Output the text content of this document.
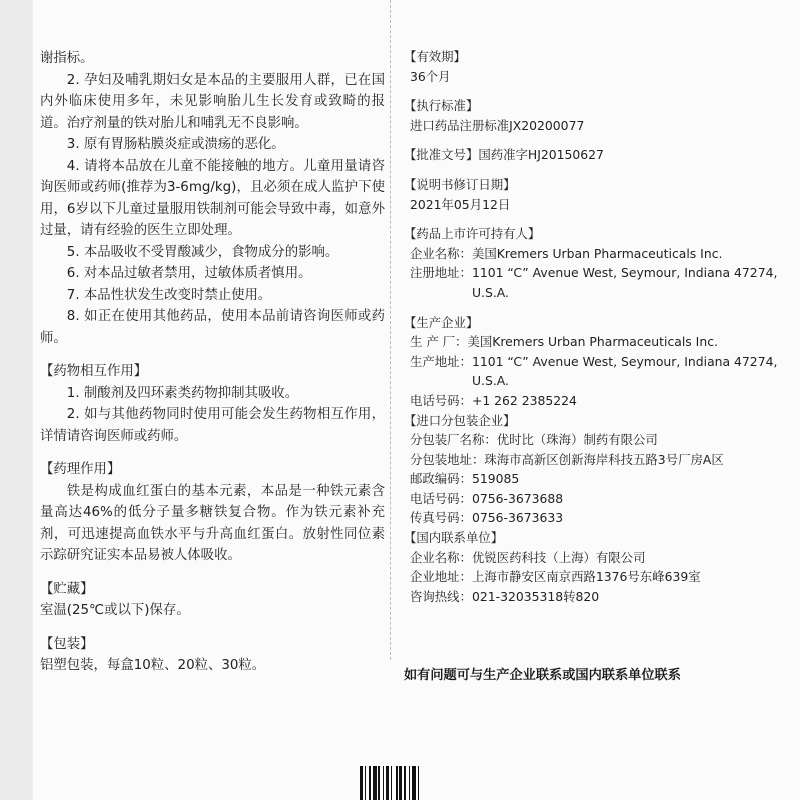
谢指标。

2. 孕妇及哺乳期妇女是本品的主要服用人群，已在国内外临床使用多年，未见影响胎儿生长发育或致畸的报道。治疗剂量的铁对胎儿和哺乳无不良影响。

3. 原有胃肠粘膜炎症或溃疡的恶化。

4. 请将本品放在儿童不能接触的地方。儿童用量请咨询医师或药师(推荐为3-6mg/kg)，且必须在成人监护下使用，6岁以下儿童过量服用铁制剂可能会导致中毒，如意外过量，请有经验的医生立即处理。

5. 本品吸收不受胃酸减少，食物成分的影响。

6. 对本品过敏者禁用，过敏体质者慎用。

7. 本品性状发生改变时禁止使用。

8. 如正在使用其他药品，使用本品前请咨询医师或药师。

【药物相互作用】

1. 制酸剂及四环素类药物抑制其吸收。

2. 如与其他药物同时使用可能会发生药物相互作用，详情请咨询医师或药师。

【药理作用】

铁是构成血红蛋白的基本元素，本品是一种铁元素含量高达46%的低分子量多糖铁复合物。作为铁元素补充剂，可迅速提高血铁水平与升高血红蛋白。放射性同位素示踪研究证实本品易被人体吸收。

【贮藏】

室温(25℃或以下)保存。

【包装】

铝塑包装，每盒10粒、20粒、30粒。

【有效期】

36个月

【执行标准】

进口药品注册标准JX20200077

【批准文号】国药准字HJ20150627

【说明书修订日期】

2021年05月12日

【药品上市许可持有人】

企业名称： 美国Kremers Urban Pharmaceuticals Inc.
注册地址： 1101 “C” Avenue West, Seymour, Indiana 47274, U.S.A.

【生产企业】

生 产 厂： 美国Kremers Urban Pharmaceuticals Inc.
生产地址： 1101 “C” Avenue West, Seymour, Indiana 47274, U.S.A.
电话号码： +1 262 2385224

【进口分包装企业】

分包装厂名称： 优时比（珠海）制药有限公司
分包装地址： 珠海市高新区创新海岸科技五路3号厂房A区
邮政编码： 519085
电话号码： 0756-3673688
传真号码： 0756-3673633

【国内联系单位】

企业名称： 优锐医药科技（上海）有限公司
企业地址： 上海市静安区南京西路1376号东峰639室
咨询热线： 021-32035318转820

如有问题可与生产企业联系或国内联系单位联系
